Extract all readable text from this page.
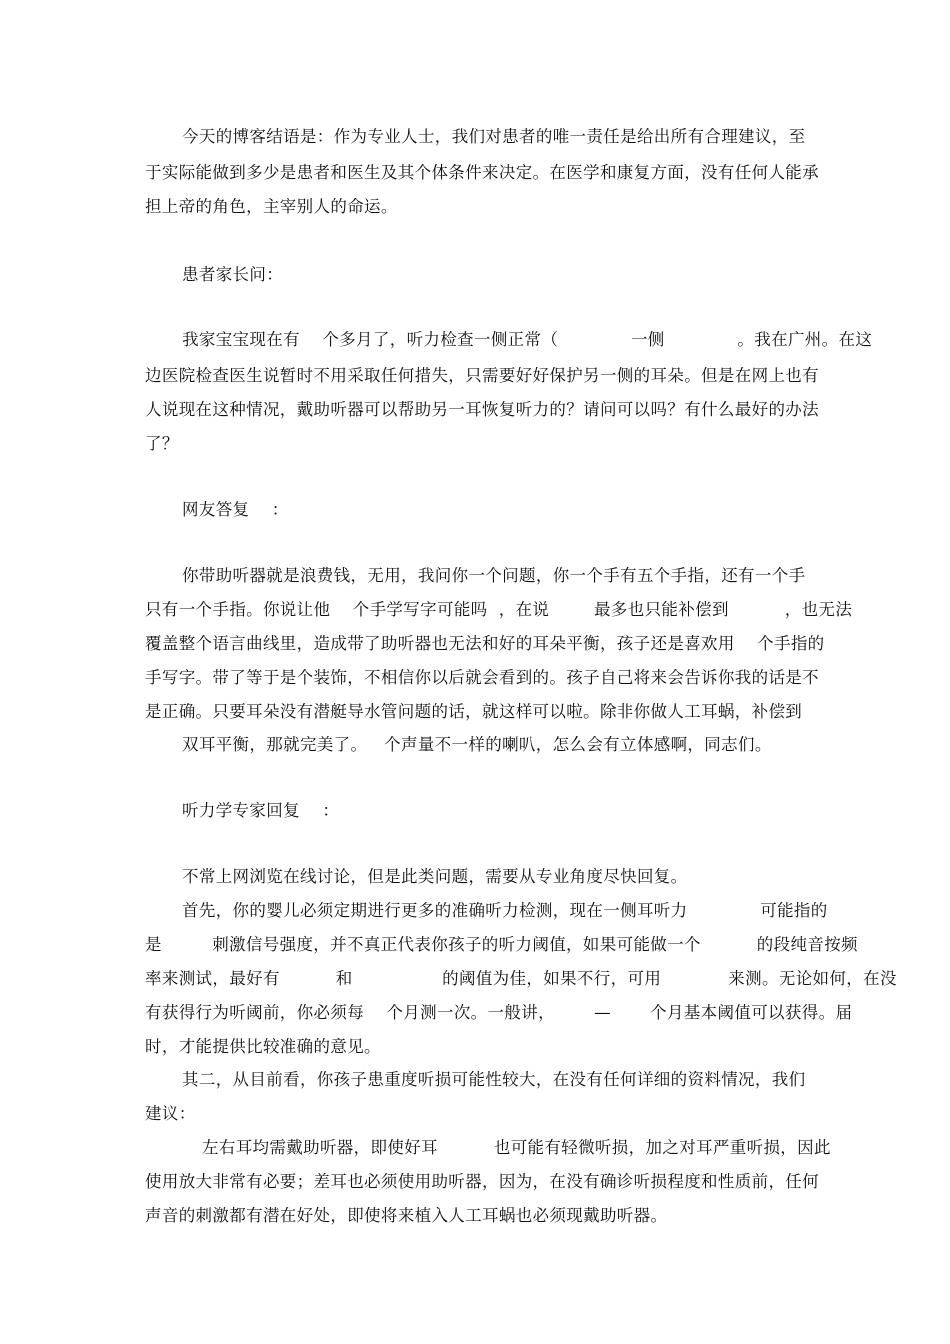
今天的博客结语是：作为专业人士，我们对患者的唯一责任是给出所有合理建议，至
于实际能做到多少是患者和医生及其个体条件来决定。在医学和康复方面，没有任何人能承
担上帝的角色，主宰别人的命运。
患者家长问：
我家宝宝现在有    个多月了，听力检查一侧正常（             一侧             。我在广州。在这
边医院检查医生说暂时不用采取任何措失，只需要好好保护另一侧的耳朵。但是在网上也有
人说现在这种情况，戴助听器可以帮助另一耳恢复听力的？请问可以吗？有什么最好的办法
了？
网友答复    ：
你带助听器就是浪费钱，无用，我问你一个问题，你一个手有五个手指，还有一个手
只有一个手指。你说让他    个手学写字可能吗  ，在说        最多也只能补偿到          ，也无法
覆盖整个语言曲线里，造成带了助听器也无法和好的耳朵平衡，孩子还是喜欢用    个手指的
手写字。带了等于是个装饰，不相信你以后就会看到的。孩子自己将来会告诉你我的话是不
是正确。只要耳朵没有潜艇导水管问题的话，就这样可以啦。除非你做人工耳蜗，补偿到
双耳平衡，那就完美了。   个声量不一样的喇叭，怎么会有立体感啊，同志们。
听力学专家回复    ：
不常上网浏览在线讨论，但是此类问题，需要从专业角度尽快回复。
首先，你的婴儿必须定期进行更多的准确听力检测，现在一侧耳听力             可能指的
是         刺激信号强度，并不真正代表你孩子的听力阈值，如果可能做一个          的段纯音按频
率来测试，最好有          和                的阈值为佳，如果不行，可用            来测。无论如何，在没
有获得行为听阈前，你必须每    个月测一次。一般讲，       —       个月基本阈值可以获得。届
时，才能提供比较准确的意见。
其二，从目前看，你孩子患重度听损可能性较大，在没有任何详细的资料情况，我们
建议：
左右耳均需戴助听器，即使好耳          也可能有轻微听损，加之对耳严重听损，因此
使用放大非常有必要；差耳也必须使用助听器，因为，在没有确诊听损程度和性质前，任何
声音的刺激都有潜在好处，即使将来植入人工耳蜗也必须现戴助听器。
